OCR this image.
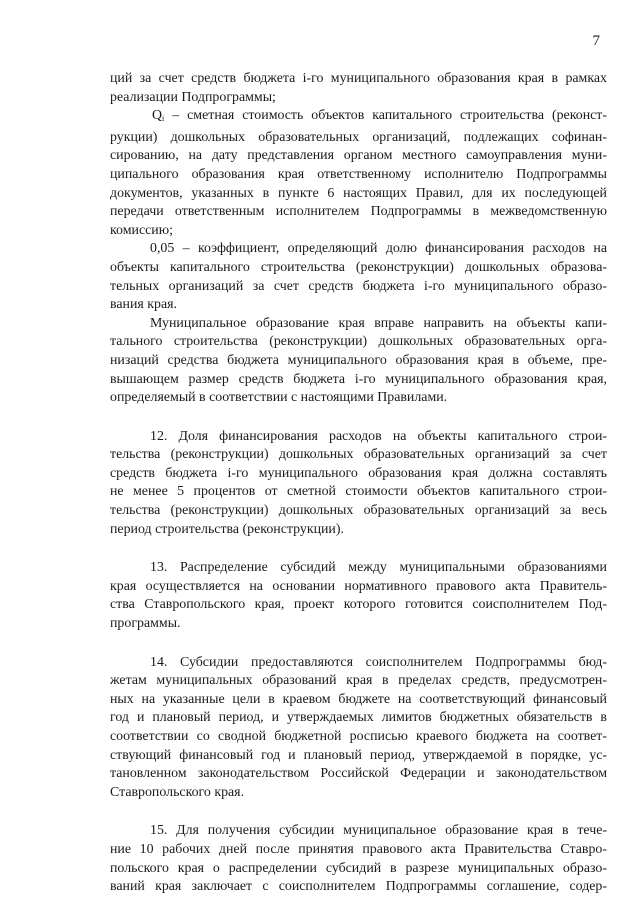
7
ций за счет средств бюджета i-го муниципального образования края в рамках
реализации Подпрограммы;
Qi – сметная стоимость объектов капитального строительства (реконст-
рукции) дошкольных образовательных организаций, подлежащих софинан-
сированию, на дату представления органом местного самоуправления муни-
ципального образования края ответственному исполнителю Подпрограммы
документов, указанных в пункте 6 настоящих Правил, для их последующей
передачи ответственным исполнителем Подпрограммы в межведомственную
комиссию;
0,05 – коэффициент, определяющий долю финансирования расходов на
объекты капитального строительства (реконструкции) дошкольных образова-
тельных организаций за счет средств бюджета i-го муниципального образо-
вания края.
Муниципальное образование края вправе направить на объекты капи-
тального строительства (реконструкции) дошкольных образовательных орга-
низаций средства бюджета муниципального образования края в объеме, пре-
вышающем размер средств бюджета i-го муниципального образования края,
определяемый в соответствии с настоящими Правилами.
12. Доля финансирования расходов на объекты капитального строи-
тельства (реконструкции) дошкольных образовательных организаций за счет
средств бюджета i-го муниципального образования края должна составлять
не менее 5 процентов от сметной стоимости объектов капитального строи-
тельства (реконструкции) дошкольных образовательных организаций за весь
период строительства (реконструкции).
13. Распределение субсидий между муниципальными образованиями
края осуществляется на основании нормативного правового акта Правитель-
ства Ставропольского края, проект которого готовится соисполнителем Под-
программы.
14. Субсидии предоставляются соисполнителем Подпрограммы бюд-
жетам муниципальных образований края в пределах средств, предусмотрен-
ных на указанные цели в краевом бюджете на соответствующий финансовый
год и плановый период, и утверждаемых лимитов бюджетных обязательств в
соответствии со сводной бюджетной росписью краевого бюджета на соответ-
ствующий финансовый год и плановый период, утверждаемой в порядке, ус-
тановленном законодательством Российской Федерации и законодательством
Ставропольского края.
15. Для получения субсидии муниципальное образование края в тече-
ние 10 рабочих дней после принятия правового акта Правительства Ставро-
польского края о распределении субсидий в разрезе муниципальных образо-
ваний края заключает с соисполнителем Подпрограммы соглашение, содер-
